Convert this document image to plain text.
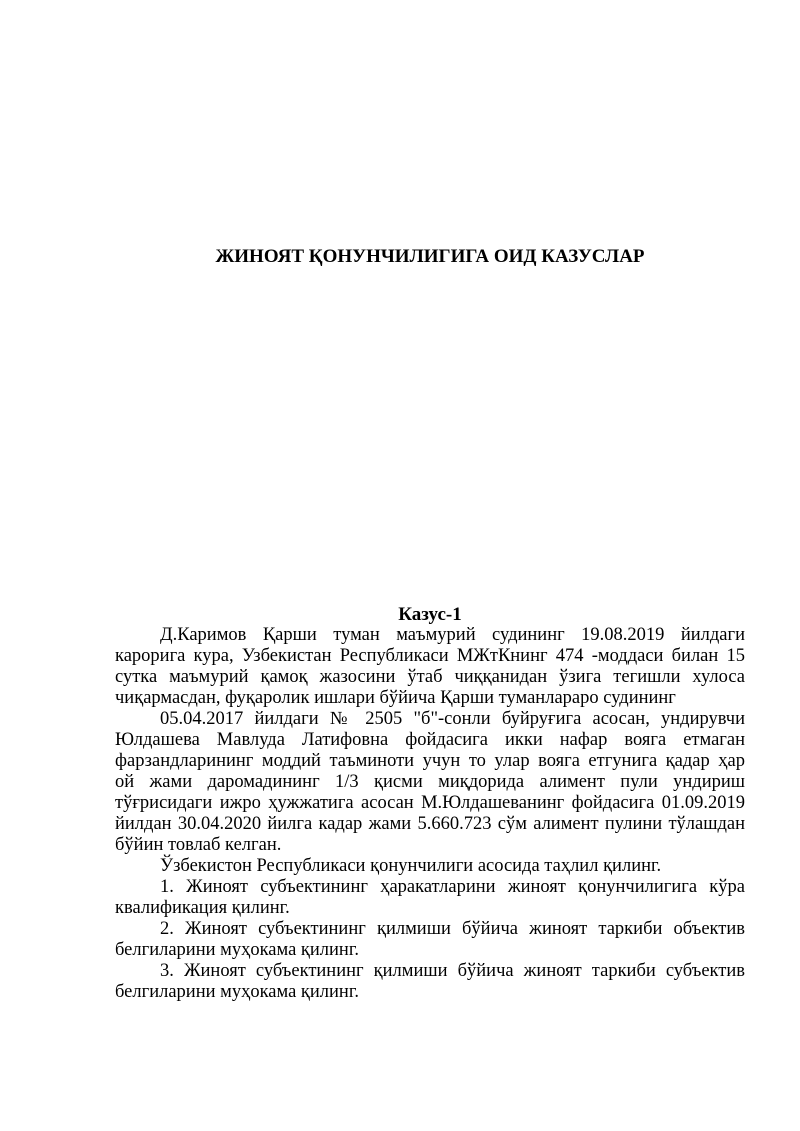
ЖИНОЯТ ҚОНУНЧИЛИГИГА ОИД КАЗУСЛАР
Казус-1
Д.Каримов Қарши туман маъмурий судининг 19.08.2019 йилдаги
карорига кура, Узбекистан Республикаси МЖтКнинг 474 -моддаси билан 15
сутка маъмурий қамоқ жазосини ўтаб чиққанидан ўзига тегишли хулоса
чиқармасдан, фуқаролик ишлари бўйича Қарши туманлараро судининг
05.04.2017 йилдаги № 2505 "б"-сонли буйруғига асосан, ундирувчи
Юлдашева Мавлуда Латифовна фойдасига икки нафар вояга етмаган
фарзандларининг моддий таъминоти учун то улар вояга етгунига қадар ҳар
ой жами даромадининг 1/3 қисми миқдорида алимент пули ундириш
тўғрисидаги ижро ҳужжатига асосан М.Юлдашеванинг фойдасига 01.09.2019
йилдан 30.04.2020 йилга кадар жами 5.660.723 сўм алимент пулини тўлашдан
бўйин товлаб келган.
Ўзбекистон Республикаси қонунчилиги асосида таҳлил қилинг.
1. Жиноят субъектининг ҳаракатларини жиноят қонунчилигига кўра
квалификация қилинг.
2. Жиноят субъектининг қилмиши бўйича жиноят таркиби объектив
белгиларини муҳокама қилинг.
3. Жиноят субъектининг қилмиши бўйича жиноят таркиби субъектив
белгиларини муҳокама қилинг.
